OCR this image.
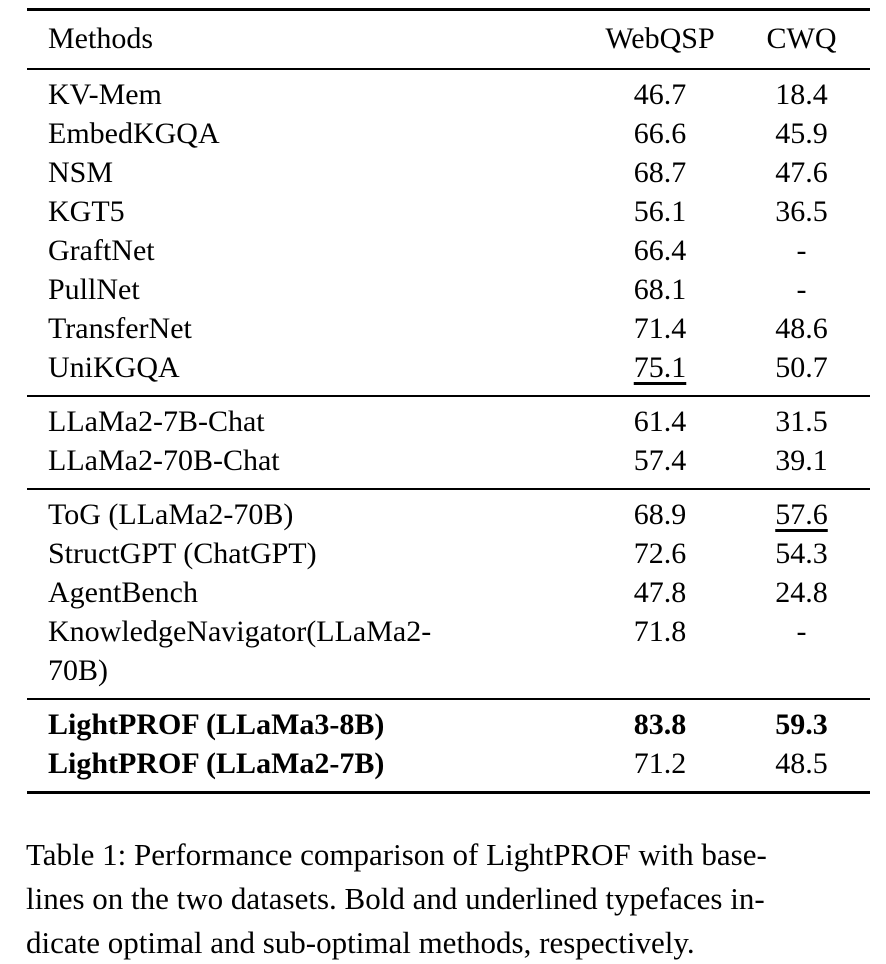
Methods	WebQSP	CWQ
KV-Mem	46.7	18.4
EmbedKGQA	66.6	45.9
NSM	68.7	47.6
KGT5	56.1	36.5
GraftNet	66.4	-
PullNet	68.1	-
TransferNet	71.4	48.6
UniKGQA	75.1	50.7
LLaMa2-7B-Chat	61.4	31.5
LLaMa2-70B-Chat	57.4	39.1
ToG (LLaMa2-70B)	68.9	57.6
StructGPT (ChatGPT)	72.6	54.3
AgentBench	47.8	24.8

KnowledgeNavigator(LLaMa2-
70B)	71.8	-
LightPROF (LLaMa3-8B)	83.8	59.3
LightPROF (LLaMa2-7B)	71.2	48.5
Table 1: Performance comparison of LightPROF with base-
lines on the two datasets. Bold and underlined typefaces in-
dicate optimal and sub-optimal methods, respectively.
